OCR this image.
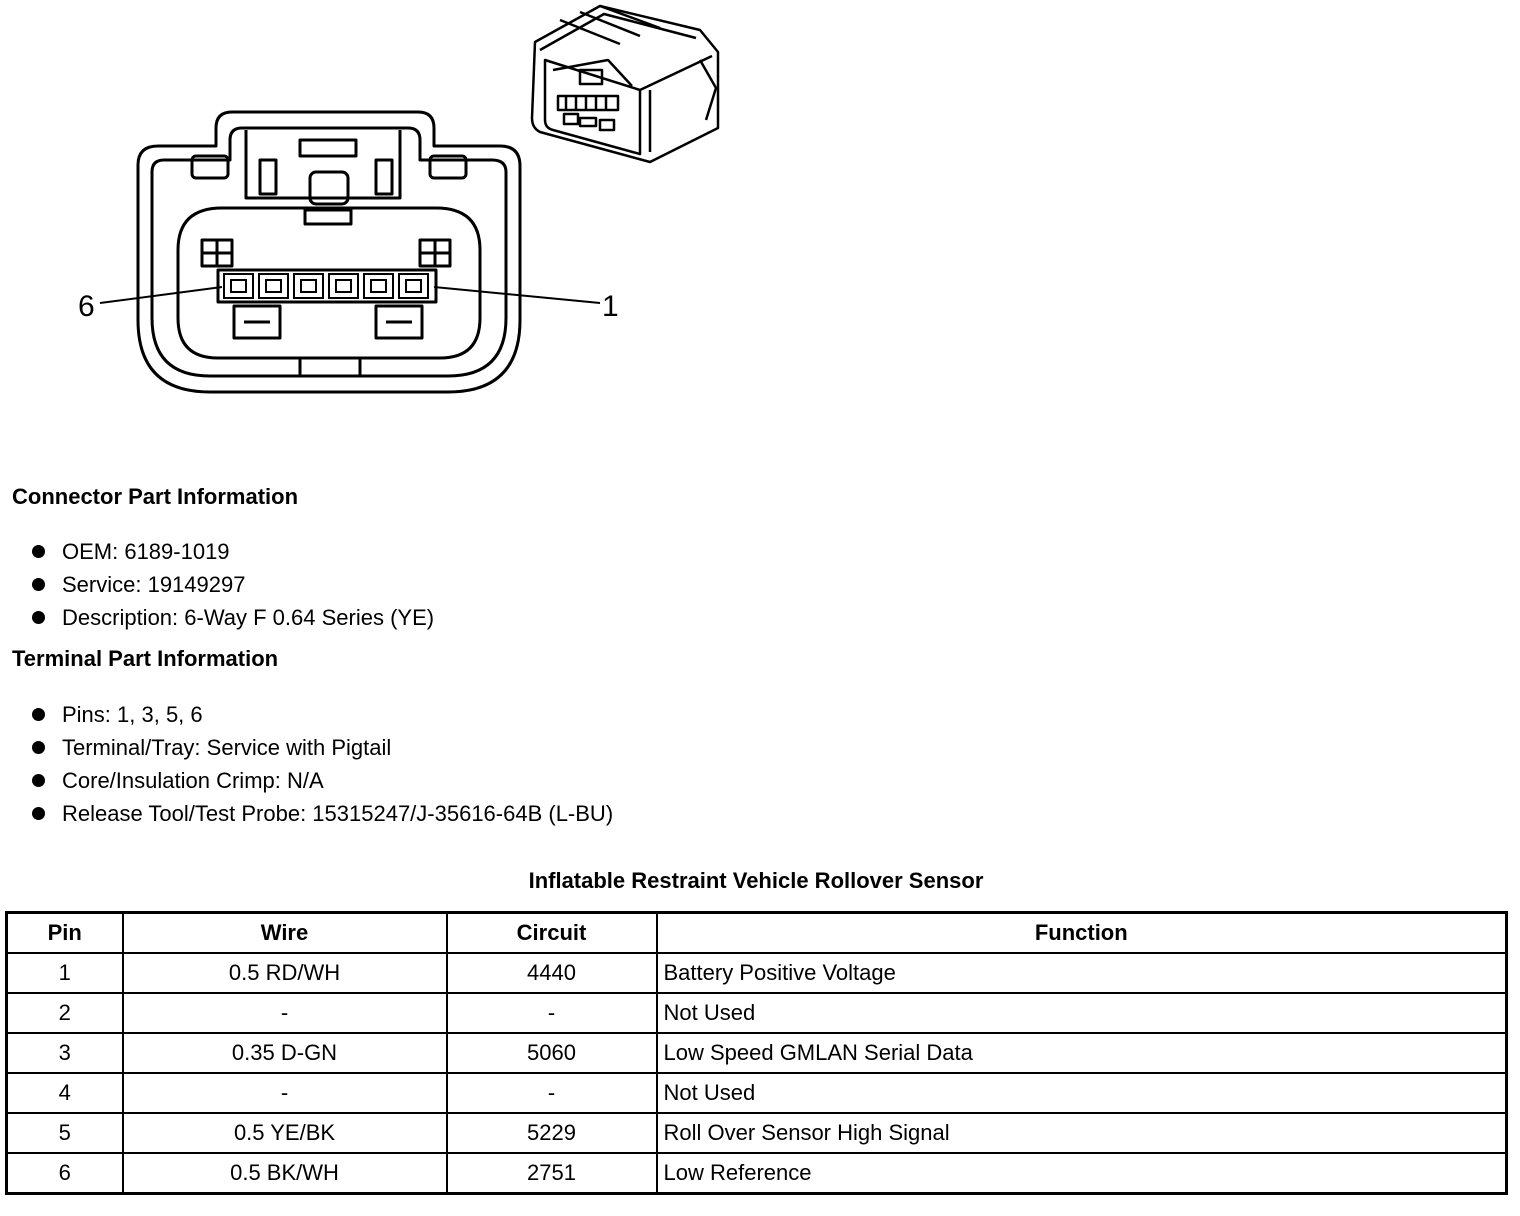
6	1
Connector Part Information
OEM: 6189-1019
Service: 19149297
Description: 6-Way F 0.64 Series (YE)
Terminal Part Information
Pins: 1, 3, 5, 6
Terminal/Tray: Service with Pigtail
Core/Insulation Crimp: N/A
Release Tool/Test Probe: 15315247/J-35616-64B (L-BU)
Inflatable Restraint Vehicle Rollover Sensor
Pin	Wire	Circuit	Function
1	0.5 RD/WH	4440	Battery Positive Voltage
2	-	-	Not Used
3	0.35 D-GN	5060	Low Speed GMLAN Serial Data
4	-	-	Not Used
5	0.5 YE/BK	5229	Roll Over Sensor High Signal
6	0.5 BK/WH	2751	Low Reference
